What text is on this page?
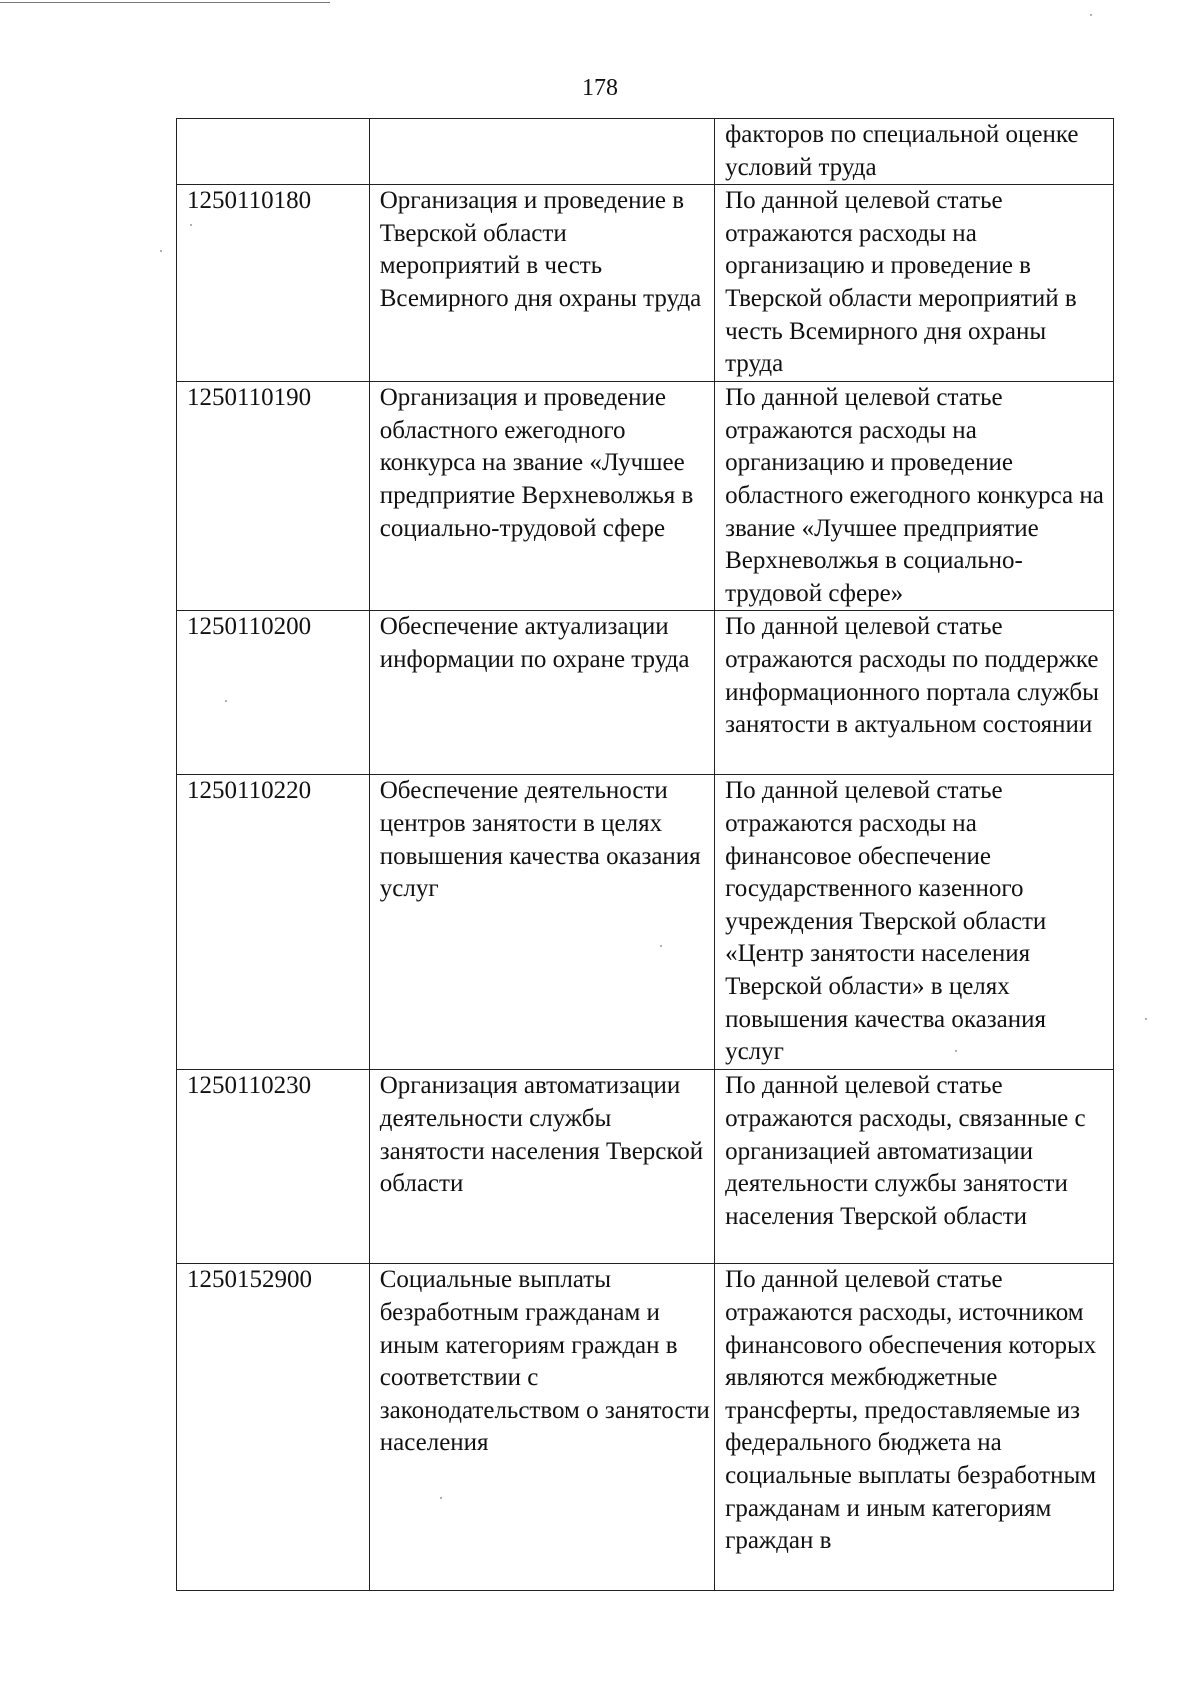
178
		факторов по специальной оценке условий труда
1250110180	Организация и проведение в Тверской области мероприятий в честь Всемирного дня охраны труда	По данной целевой статье отражаются расходы на организацию и проведение в Тверской области мероприятий в честь Всемирного дня охраны труда
1250110190	Организация и проведение областного ежегодного конкурса на звание «Лучшее предприятие Верхневолжья в социально-трудовой сфере	По данной целевой статье отражаются расходы на организацию и проведение областного ежегодного конкурса на звание «Лучшее предприятие Верхневолжья в социально-трудовой сфере»
1250110200	Обеспечение актуализации информации по охране труда	По данной целевой статье отражаются расходы по поддержке информационного портала службы занятости в актуальном состоянии
1250110220	Обеспечение деятельности центров занятости в целях повышения качества оказания услуг	По данной целевой статье отражаются расходы на финансовое обеспечение государственного казенного учреждения Тверской области «Центр занятости населения Тверской области» в целях повышения качества оказания услуг
1250110230	Организация автоматизации деятельности службы занятости населения Тверской области	По данной целевой статье отражаются расходы, связанные с организацией автоматизации деятельности службы занятости населения Тверской области
1250152900	Социальные выплаты безработным гражданам и иным категориям граждан в соответствии с законодательством о занятости населения	По данной целевой статье отражаются расходы, источником финансового обеспечения которых являются межбюджетные трансферты, предоставляемые из федерального бюджета на социальные выплаты безработным гражданам и иным категориям граждан в
